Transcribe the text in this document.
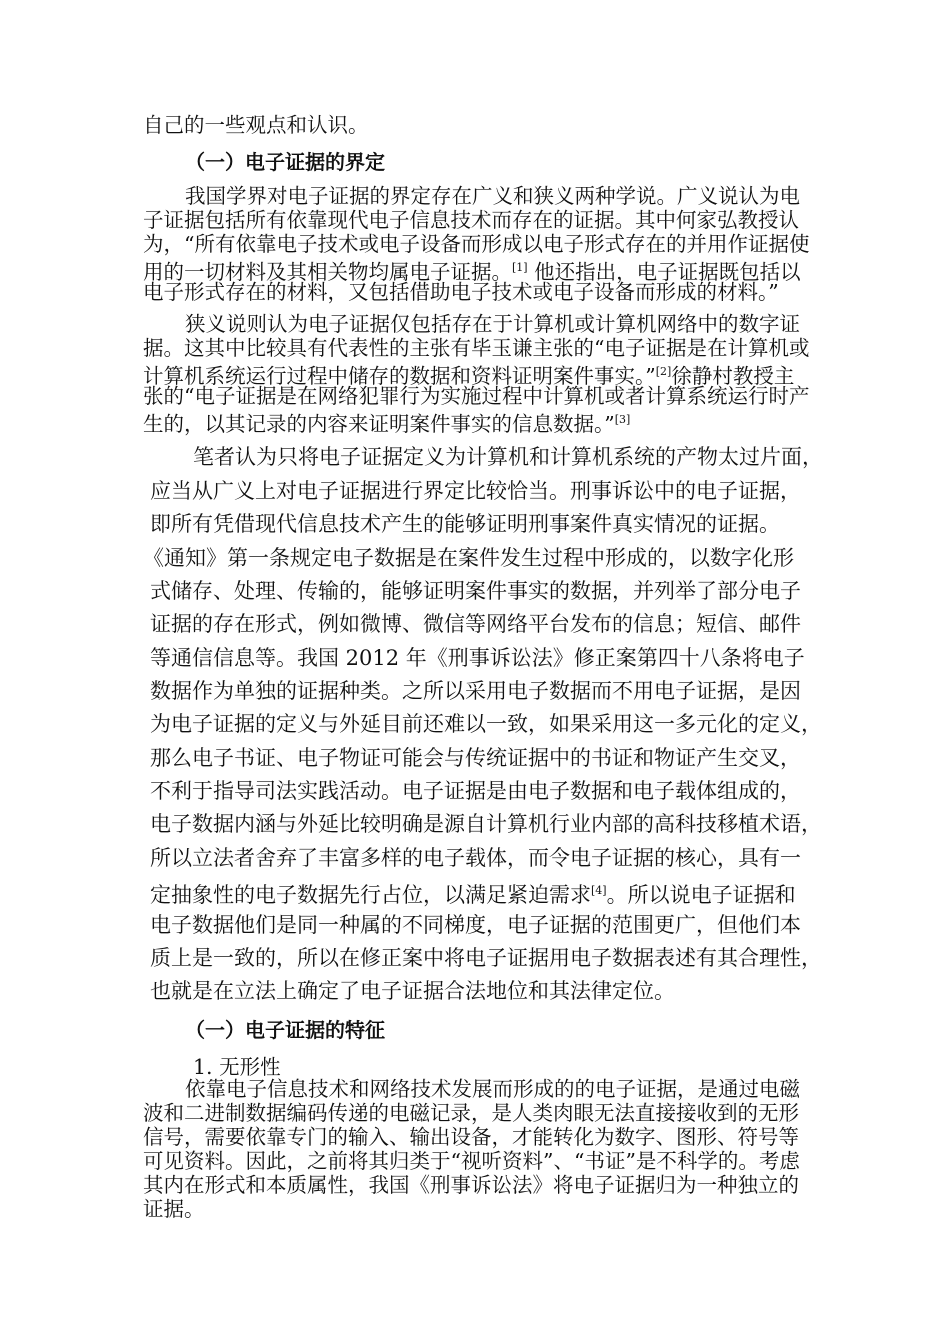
自己的一些观点和认识。
（一）电子证据的界定
我国学界对电子证据的界定存在广义和狭义两种学说。广义说认为电
子证据包括所有依靠现代电子信息技术而存在的证据。其中何家弘教授认
为，“所有依靠电子技术或电子设备而形成以电子形式存在的并用作证据使
用的一切材料及其相关物均属电子证据。[1] 他还指出，电子证据既包括以
电子形式存在的材料，又包括借助电子技术或电子设备而形成的材料。”
狭义说则认为电子证据仅包括存在于计算机或计算机网络中的数字证
据。这其中比较具有代表性的主张有毕玉谦主张的“电子证据是在计算机或
计算机系统运行过程中储存的数据和资料证明案件事实。”[2]徐静村教授主
张的“电子证据是在网络犯罪行为实施过程中计算机或者计算系统运行时产
生的，以其记录的内容来证明案件事实的信息数据。”[3]
笔者认为只将电子证据定义为计算机和计算机系统的产物太过片面，
应当从广义上对电子证据进行界定比较恰当。刑事诉讼中的电子证据，
即所有凭借现代信息技术产生的能够证明刑事案件真实情况的证据。
《通知》第一条规定电子数据是在案件发生过程中形成的，以数字化形
式储存、处理、传输的，能够证明案件事实的数据，并列举了部分电子
证据的存在形式，例如微博、微信等网络平台发布的信息；短信、邮件
等通信信息等。我国 2012 年《刑事诉讼法》修正案第四十八条将电子
数据作为单独的证据种类。之所以采用电子数据而不用电子证据，是因
为电子证据的定义与外延目前还难以一致，如果采用这一多元化的定义，
那么电子书证、电子物证可能会与传统证据中的书证和物证产生交叉，
不利于指导司法实践活动。电子证据是由电子数据和电子载体组成的，
电子数据内涵与外延比较明确是源自计算机行业内部的高科技移植术语，
所以立法者舍弃了丰富多样的电子载体，而令电子证据的核心，具有一
定抽象性的电子数据先行占位，以满足紧迫需求[4]。所以说电子证据和
电子数据他们是同一种属的不同梯度，电子证据的范围更广，但他们本
质上是一致的，所以在修正案中将电子证据用电子数据表述有其合理性，
也就是在立法上确定了电子证据合法地位和其法律定位。
（一）电子证据的特征
1. 无形性
依靠电子信息技术和网络技术发展而形成的的电子证据，是通过电磁
波和二进制数据编码传递的电磁记录，是人类肉眼无法直接接收到的无形
信号，需要依靠专门的输入、输出设备，才能转化为数字、图形、符号等
可见资料。因此，之前将其归类于“视听资料”、“书证”是不科学的。考虑
其内在形式和本质属性，我国《刑事诉讼法》将电子证据归为一种独立的
证据。
